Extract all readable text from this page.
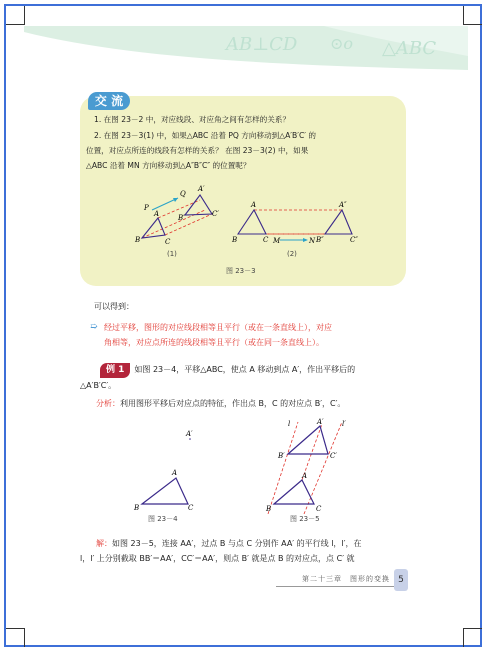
AB⊥CD ⊙o △ABC
交 流
1. 在图 23－2 中，对应线段、对应角之间有怎样的关系？
2. 在图 23－3(1) 中，如果△ABC 沿着 PQ 方向移动到△A′B′C′ 的
位置，对应点所连的线段有怎样的关系？ 在图 23－3(2) 中，如果
△ABC 沿着 MN 方向移动到△A″B″C″ 的位置呢？
B
A
C
P
Q
A′
B′	C′
B
A
C M	N
A″
B″	C″
(1)	(2)
图 23－3
可以得到：
➯ 经过平移，图形的对应线段相等且平行（或在一条直线上），对应
角相等，对应点所连的线段相等且平行（或在同一条直线上）。
例 1 如图 23－4，平移△ABC，使点 A 移动到点 A′，作出平移后的
△A′B′C′。
分析：利用图形平移后对应点的特征，作出点 B，C 的对应点 B′，C′。
A′
A
B	C
图 23－4
l	A′	l′
B′	C′
A
B	C
图 23－5
解：如图 23－5，连接 AA′，过点 B 与点 C 分别作 AA′ 的平行线 l，l′，在
l，l′ 上分别截取 BB′＝AA′，CC′＝AA′，则点 B′ 就是点 B 的对应点，点 C′ 就
第二十三章　图形的变换 5
